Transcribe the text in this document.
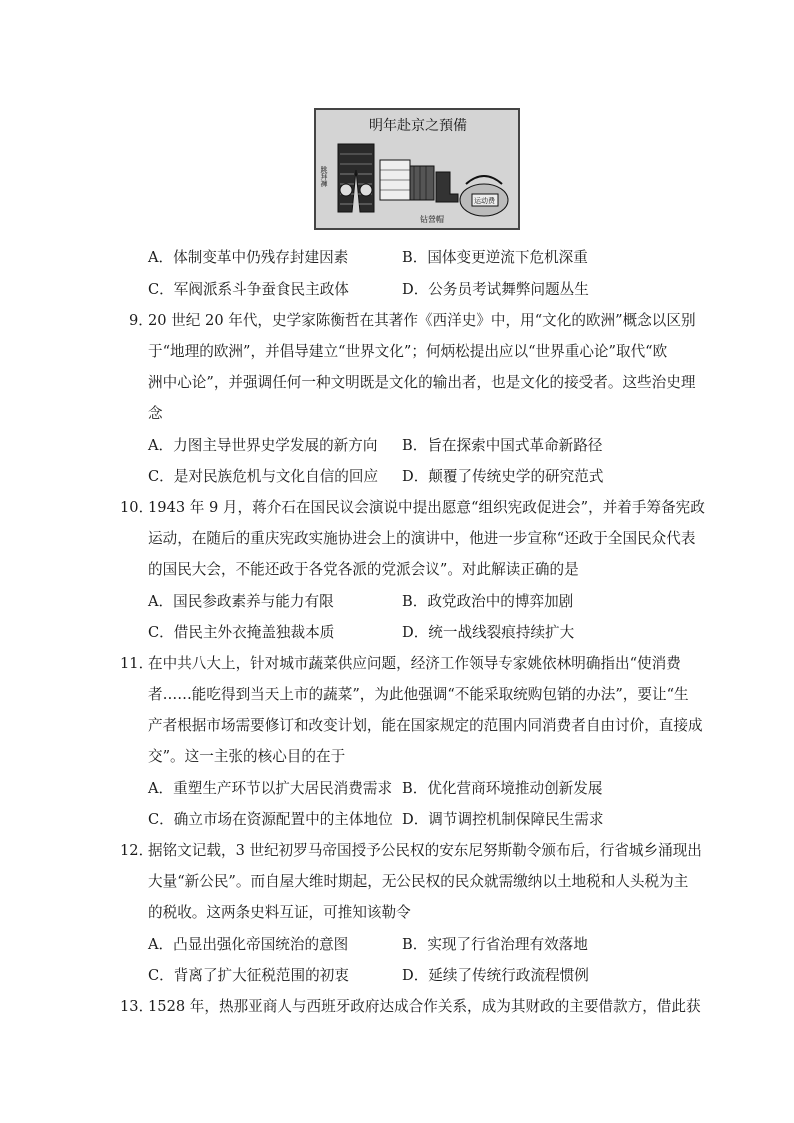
明年赴京之預備
跳拜褲
钻營帽
运动费
A．体制变革中仍残存封建因素	B．国体变更逆流下危机深重
C．军阀派系斗争蚕食民主政体	D．公务员考试舞弊问题丛生
9．
20 世纪 20 年代，史学家陈衡哲在其著作《西洋史》中，用“文化的欧洲”概念以区别
于“地理的欧洲”，并倡导建立“世界文化”；何炳松提出应以“世界重心论”取代“欧
洲中心论”，并强调任何一种文明既是文化的输出者，也是文化的接受者。这些治史理
念
A．力图主导世界史学发展的新方向 B．旨在探索中国式革命新路径
C．是对民族危机与文化自信的回应 D．颠覆了传统史学的研究范式
10．
1943 年 9 月，蒋介石在国民议会演说中提出愿意“组织宪政促进会”，并着手筹备宪政
运动，在随后的重庆宪政实施协进会上的演讲中，他进一步宣称“还政于全国民众代表
的国民大会，不能还政于各党各派的党派会议”。对此解读正确的是
A．国民参政素养与能力有限	B．政党政治中的博弈加剧
C．借民主外衣掩盖独裁本质	D．统一战线裂痕持续扩大
11．
在中共八大上，针对城市蔬菜供应问题，经济工作领导专家姚依林明确指出“使消费
者……能吃得到当天上市的蔬菜”，为此他强调“不能采取统购包销的办法”，要让“生
产者根据市场需要修订和改变计划，能在国家规定的范围内同消费者自由讨价，直接成
交”。这一主张的核心目的在于
A．重塑生产环节以扩大居民消费需求 B．优化营商环境推动创新发展
C．确立市场在资源配置中的主体地位 D．调节调控机制保障民生需求
12．
据铭文记载，3 世纪初罗马帝国授予公民权的安东尼努斯勒令颁布后，行省城乡涌现出
大量“新公民”。而自屋大维时期起，无公民权的民众就需缴纳以土地税和人头税为主
的税收。这两条史料互证，可推知该勒令
A．凸显出强化帝国统治的意图	B．实现了行省治理有效落地
C．背离了扩大征税范围的初衷	D．延续了传统行政流程惯例
13．
1528 年，热那亚商人与西班牙政府达成合作关系，成为其财政的主要借款方，借此获
